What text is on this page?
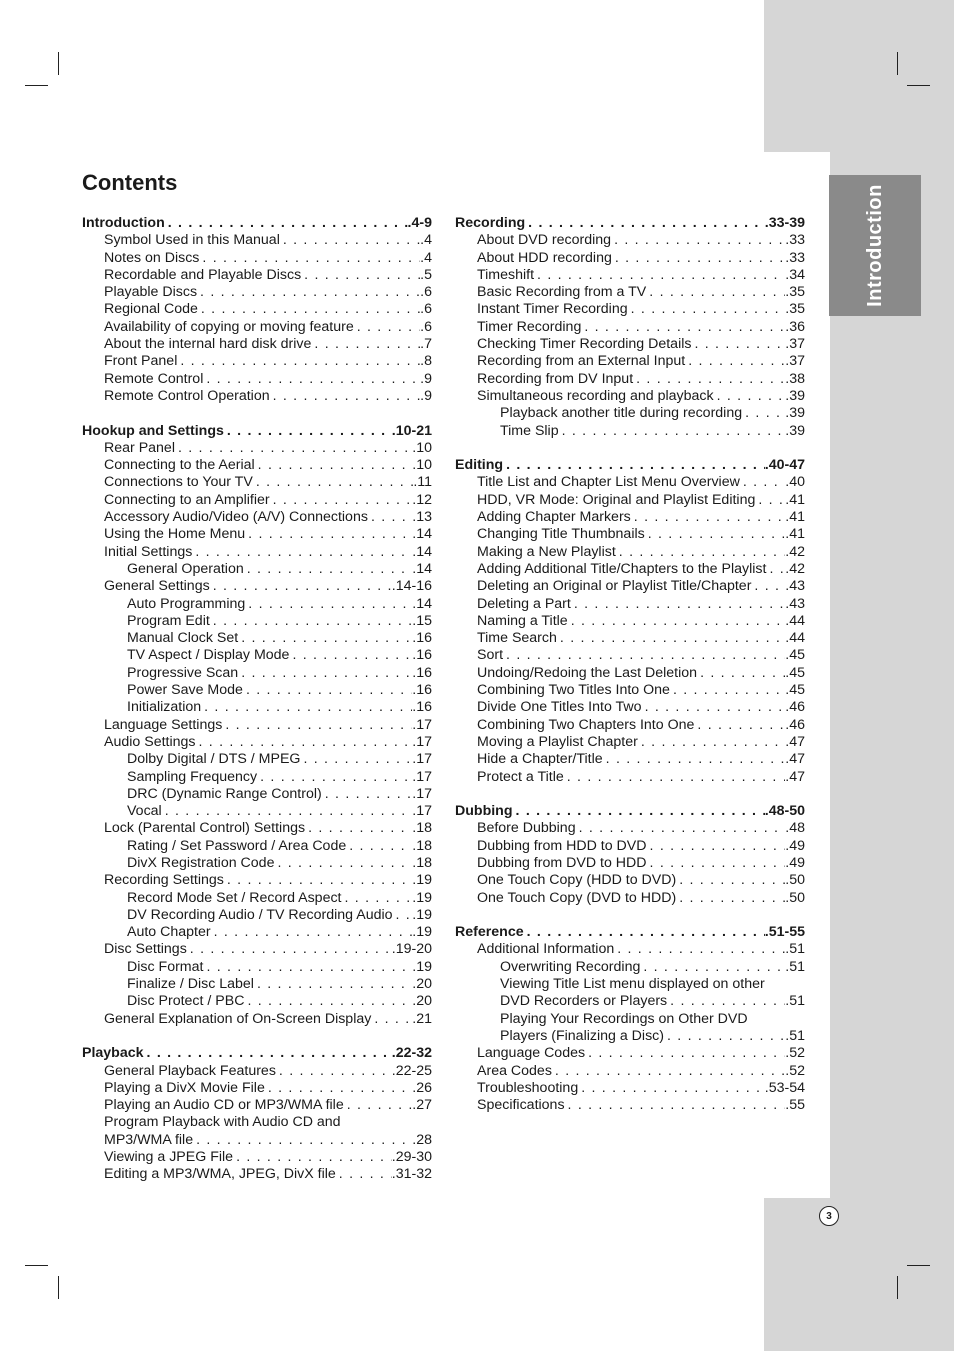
Introduction
Contents
Introduction . . .	.4-9
Symbol Used in this Manual . . .	.4
Notes on Discs . . .	.4
Recordable and Playable Discs . . .	.5
Playable Discs . . .	.6
Regional Code . . .	.6
Availability of copying or moving feature . . .	.6
About the internal hard disk drive . . .	.7
Front Panel . . .	.8
Remote Control . . .	.9
Remote Control Operation . . .	.9
Hookup and Settings . . .	.10-21
Rear Panel . . .	.10
Connecting to the Aerial . . .	.10
Connections to Your TV . . .	.11
Connecting to an Amplifier . . .	.12
Accessory Audio/Video (A/V) Connections . . .	.13
Using the Home Menu . . .	.14
Initial Settings . . .	.14
General Operation . . .	.14
General Settings . . .	.14-16
Auto Programming . . .	.14
Program Edit . . .	.15
Manual Clock Set . . .	.16
TV Aspect / Display Mode . . .	.16
Progressive Scan . . .	.16
Power Save Mode . . .	.16
Initialization . . .	.16
Language Settings . . .	.17
Audio Settings . . .	.17
Dolby Digital / DTS / MPEG . . .	.17
Sampling Frequency . . .	.17
DRC (Dynamic Range Control) . . .	.17
Vocal . . .	.17
Lock (Parental Control) Settings . . .	.18
Rating / Set Password / Area Code . . .	.18
DivX Registration Code . . .	.18
Recording Settings . . .	.19
Record Mode Set / Record Aspect . . .	.19
DV Recording Audio / TV Recording Audio . . . .19
Auto Chapter . . .	.19
Disc Settings . . .	.19-20
Disc Format . . .	.19
Finalize / Disc Label . . .	.20
Disc Protect / PBC . . .	.20
General Explanation of On-Screen Display . . .	.21
Playback . . .	.22-32
General Playback Features . . .	.22-25
Playing a DivX Movie File . . .	.26
Playing an Audio CD or MP3/WMA file . . .	.27
Program Playback with Audio CD and
MP3/WMA file . . .	.28
Viewing a JPEG File . . .	.29-30
Editing a MP3/WMA, JPEG, DivX file . . .	.31-32
Recording . . .	.33-39
About DVD recording . . .	.33
About HDD recording . . .	.33
Timeshift . . .	.34
Basic Recording from a TV . . .	.35
Instant Timer Recording . . .	.35
Timer Recording . . .	.36
Checking Timer Recording Details . . .	.37
Recording from an External Input . . .	.37
Recording from DV Input . . .	.38
Simultaneous recording and playback . . .	.39
Playback another title during recording . . .	.39
Time Slip . . .	.39
Editing . . .	.40-47
Title List and Chapter List Menu Overview . . .	.40
HDD, VR Mode: Original and Playlist Editing . . . .41
Adding Chapter Markers . . .	.41
Changing Title Thumbnails . . .	.41
Making a New Playlist . . .	.42
Adding Additional Title/Chapters to the Playlist . . . .42
Deleting an Original or Playlist Title/Chapter . . . .43
Deleting a Part . . .	.43
Naming a Title . . .	.44
Time Search . . .	.44
Sort . . .	.45
Undoing/Redoing the Last Deletion . . .	.45
Combining Two Titles Into One . . .	.45
Divide One Titles Into Two . . .	.46
Combining Two Chapters Into One . . .	.46
Moving a Playlist Chapter . . .	.47
Hide a Chapter/Title . . .	.47
Protect a Title . . .	.47
Dubbing . . .	.48-50
Before Dubbing . . .	.48
Dubbing from HDD to DVD . . .	.49
Dubbing from DVD to HDD . . .	.49
One Touch Copy (HDD to DVD) . . .	.50
One Touch Copy (DVD to HDD) . . .	.50
Reference . . .	.51-55
Additional Information . . .	.51
Overwriting Recording . . .	.51
Viewing Title List menu displayed on other
DVD Recorders or Players . . .	.51
Playing Your Recordings on Other DVD
Players (Finalizing a Disc) . . .	.51
Language Codes . . .	.52
Area Codes . . .	.52
Troubleshooting . . .	.53-54
Specifications . . .	.55
3
